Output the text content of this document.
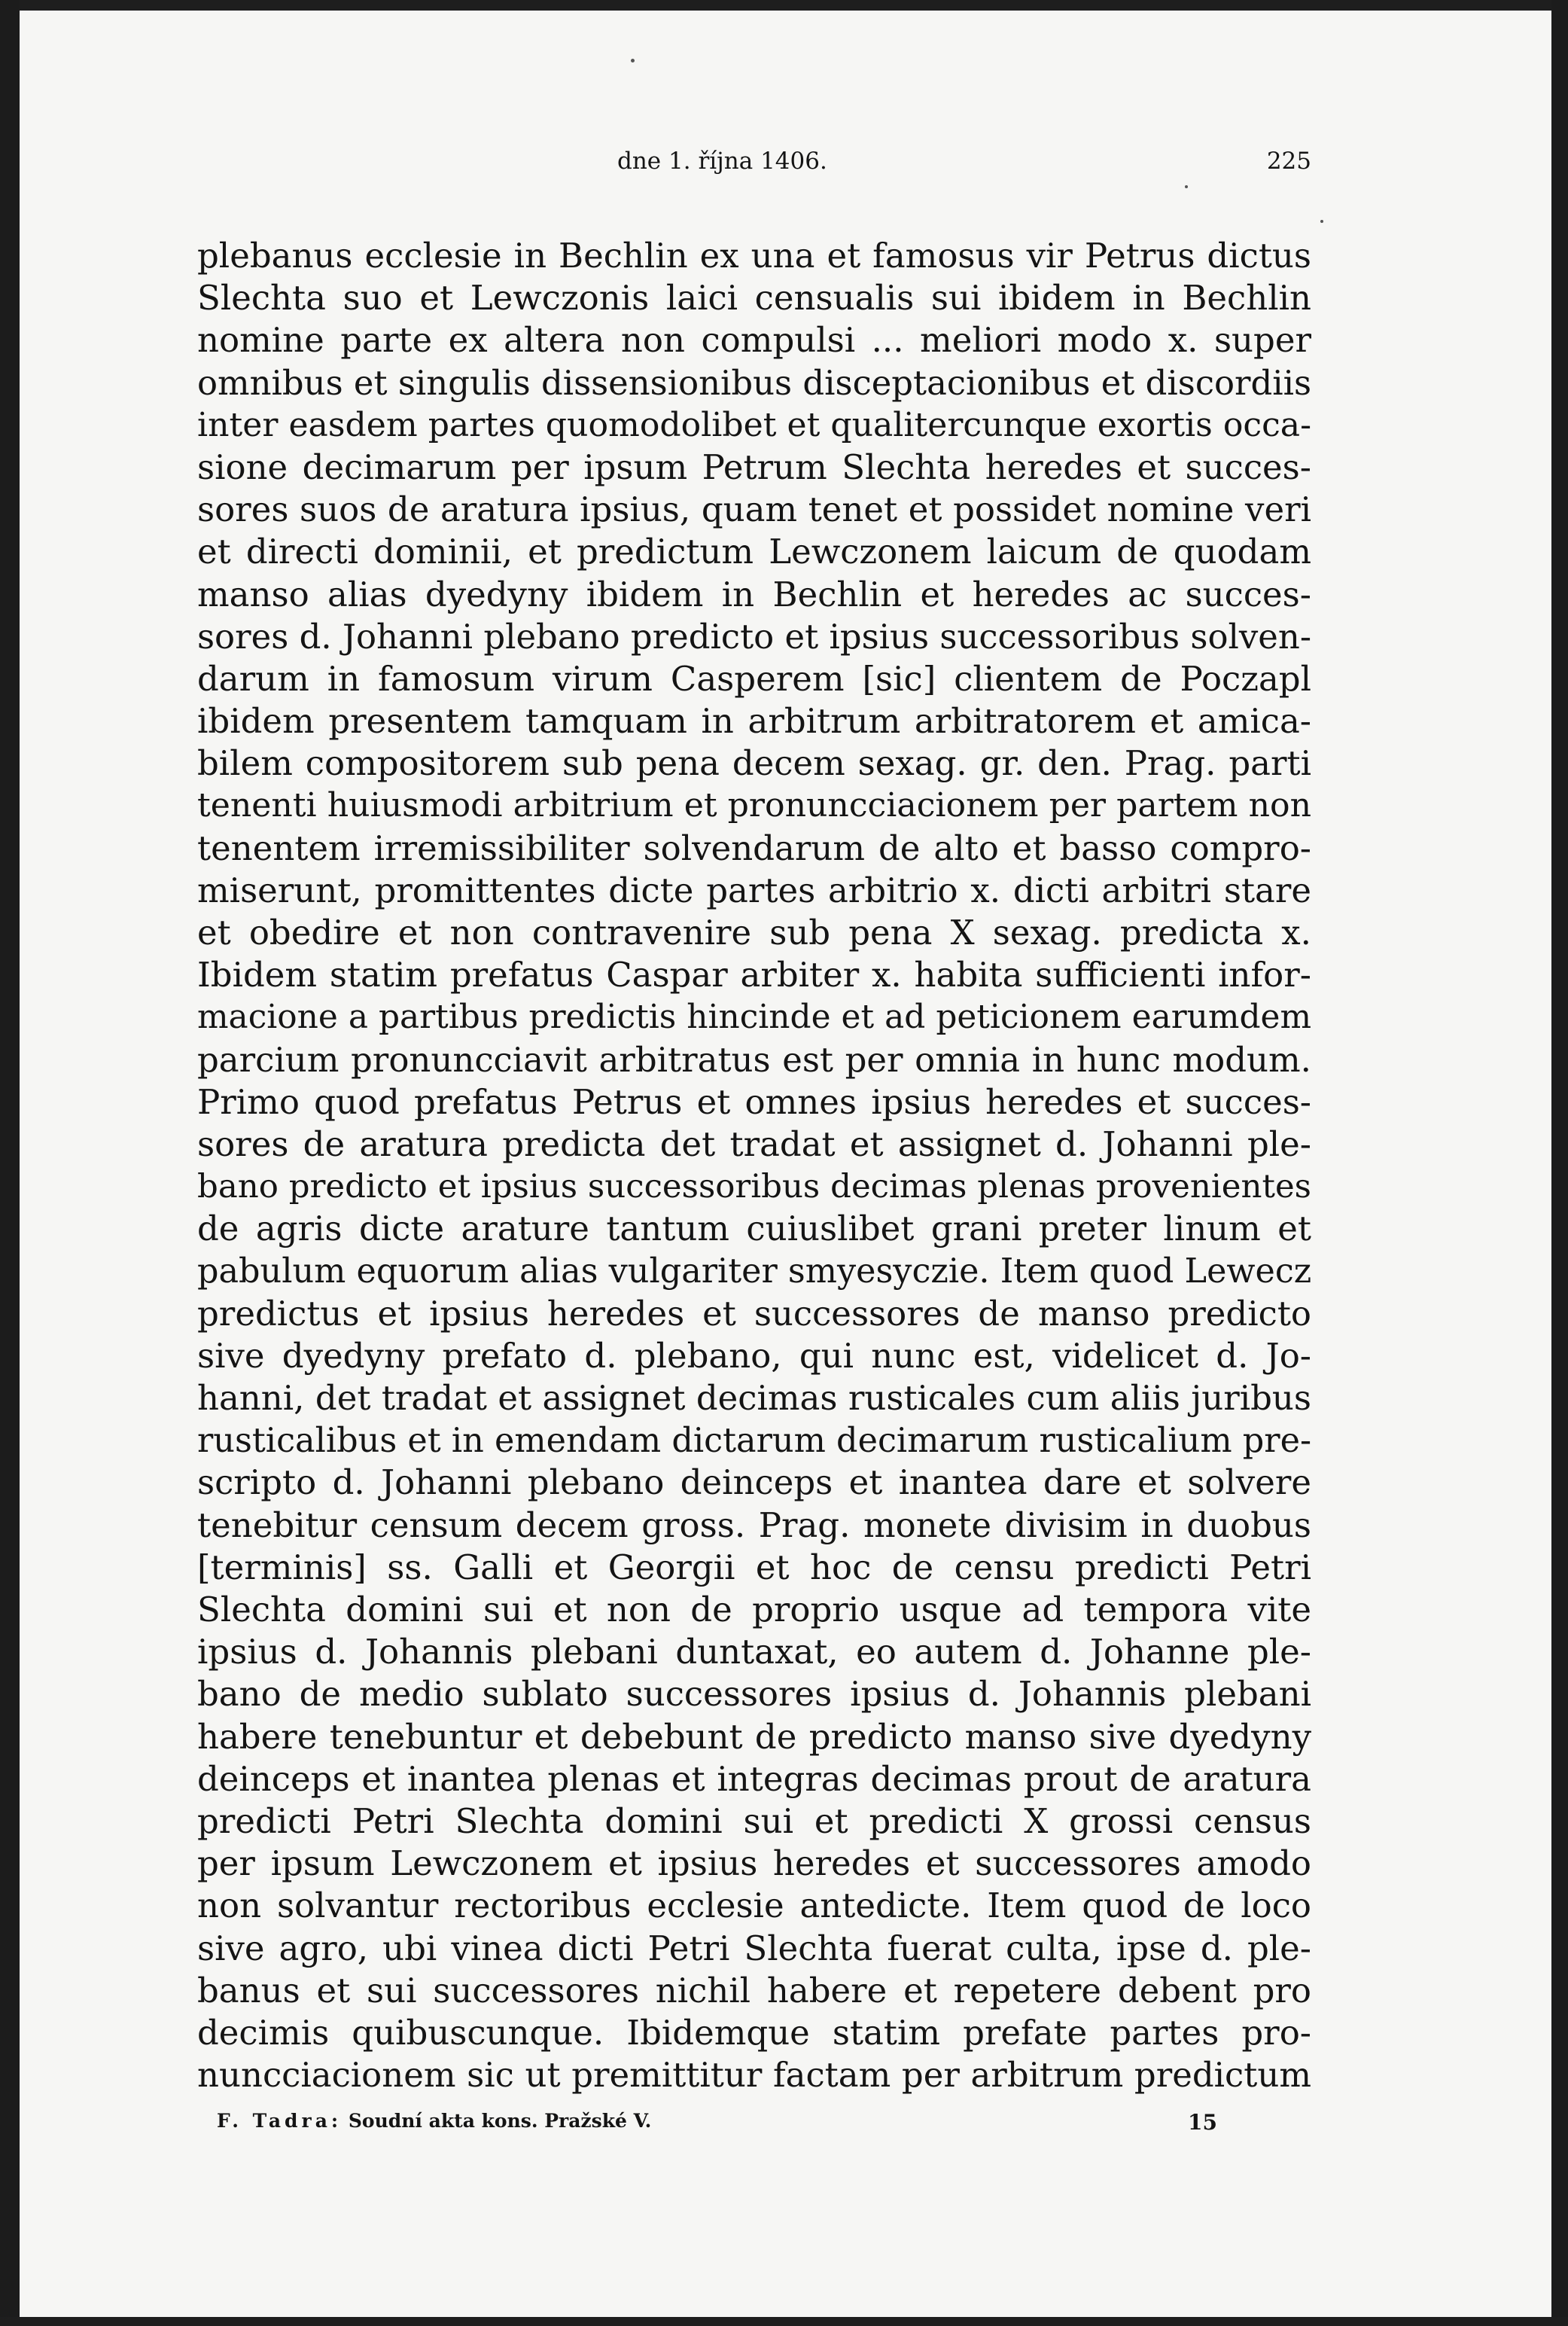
dne 1. října 1406.	225
plebanus ecclesie in Bechlin ex una et famosus vir Petrus dictus
Slechta suo et Lewczonis laici censualis sui ibidem in Bechlin
nomine parte ex altera non compulsi ... meliori modo x. super
omnibus et singulis dissensionibus disceptacionibus et discordiis
inter easdem partes quomodolibet et qualitercunque exortis occa-
sione decimarum per ipsum Petrum Slechta heredes et succes-
sores suos de aratura ipsius, quam tenet et possidet nomine veri
et directi dominii, et predictum Lewczonem laicum de quodam
manso alias dyedyny ibidem in Bechlin et heredes ac succes-
sores d. Johanni plebano predicto et ipsius successoribus solven-
darum in famosum virum Casperem [sic] clientem de Poczapl
ibidem presentem tamquam in arbitrum arbitratorem et amica-
bilem compositorem sub pena decem sexag. gr. den. Prag. parti
tenenti huiusmodi arbitrium et pronuncciacionem per partem non
tenentem irremissibiliter solvendarum de alto et basso compro-
miserunt, promittentes dicte partes arbitrio x. dicti arbitri stare
et obedire et non contravenire sub pena X sexag. predicta x.
Ibidem statim prefatus Caspar arbiter x. habita sufficienti infor-
macione a partibus predictis hincinde et ad peticionem earumdem
parcium pronuncciavit arbitratus est per omnia in hunc modum.
Primo quod prefatus Petrus et omnes ipsius heredes et succes-
sores de aratura predicta det tradat et assignet d. Johanni ple-
bano predicto et ipsius successoribus decimas plenas provenientes
de agris dicte arature tantum cuiuslibet grani preter linum et
pabulum equorum alias vulgariter smyesyczie. Item quod Lewecz
predictus et ipsius heredes et successores de manso predicto
sive dyedyny prefato d. plebano, qui nunc est, videlicet d. Jo-
hanni, det tradat et assignet decimas rusticales cum aliis juribus
rusticalibus et in emendam dictarum decimarum rusticalium pre-
scripto d. Johanni plebano deinceps et inantea dare et solvere
tenebitur censum decem gross. Prag. monete divisim in duobus
[terminis] ss. Galli et Georgii et hoc de censu predicti Petri
Slechta domini sui et non de proprio usque ad tempora vite
ipsius d. Johannis plebani duntaxat, eo autem d. Johanne ple-
bano de medio sublato successores ipsius d. Johannis plebani
habere tenebuntur et debebunt de predicto manso sive dyedyny
deinceps et inantea plenas et integras decimas prout de aratura
predicti Petri Slechta domini sui et predicti X grossi census
per ipsum Lewczonem et ipsius heredes et successores amodo
non solvantur rectoribus ecclesie antedicte. Item quod de loco
sive agro, ubi vinea dicti Petri Slechta fuerat culta, ipse d. ple-
banus et sui successores nichil habere et repetere debent pro
decimis quibuscunque. Ibidemque statim prefate partes pro-
nuncciacionem sic ut premittitur factam per arbitrum predictum
F. Tadra: Soudní akta kons. Pražské V.	15
